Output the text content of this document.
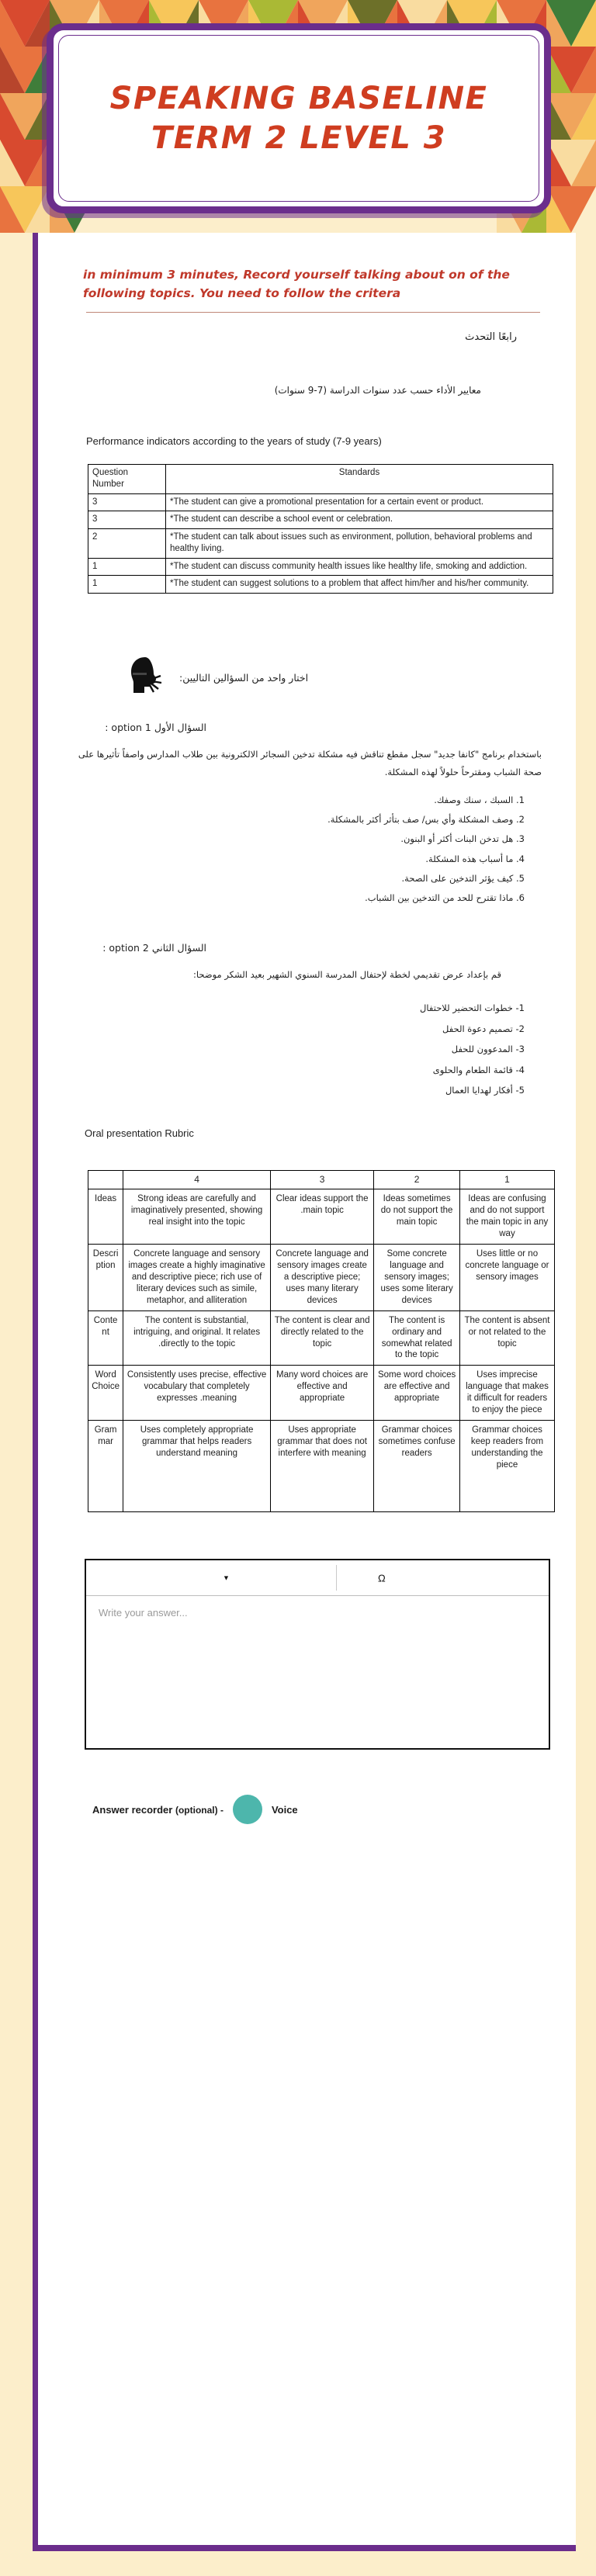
SPEAKING BASELINE
TERM 2 LEVEL 3
in minimum 3 minutes, Record yourself talking about on of the following topics. You need to follow the critera
رابعًا التحدث
معايير الأداء حسب عدد سنوات الدراسة (7-9 سنوات)
Performance indicators according to the years of study (7-9 years)
Question Number	Standards
3	*The student can give a promotional presentation for a certain event or product.
3	*The student can describe a school event or celebration.
2	*The student can talk about issues such as environment, pollution, behavioral problems and healthy living.
1	*The student can discuss community health issues like healthy life, smoking and addiction.
1	*The student can suggest solutions to a problem that affect him/her and his/her community.
اختار واحد من السؤالين التاليين:
السؤال الأول option 1 :
باستخدام برنامج "كانفا جديد" سجل مقطع تناقش فيه مشكلة تدخين السجائر الالكترونية بين طلاب المدارس واصفاً تأثيرها على صحة الشباب ومقترحاً حلولاً لهذه المشكلة.
1. السبك ، سنك وصفك.
2. وصف المشكلة وأي بس/ صف بتأثر أكثر بالمشكلة.
3. هل تدخن البنات أكثر أو البنون.
4. ما أسباب هذه المشكلة.
5. كيف يؤثر التدخين على الصحة.
6. ماذا تقترح للحد من التدخين بين الشباب.
السؤال الثاني option 2 :
قم بإعداد عرض تقديمي لخطة لإحتفال المدرسة السنوي الشهير بعيد الشكر موضحا:
1- خطوات التحضير للاحتفال
2- تصميم دعوة الحفل
3- المدعوون للحفل
4- قائمة الطعام والحلوى
5- أفكار لهدايا العمال
Oral presentation Rubric
	4	3	2	1
Ideas	Strong ideas are carefully and imaginatively presented, showing real insight into the topic	Clear ideas support the .main topic	Ideas sometimes do not support the main topic	Ideas are confusing and do not support the main topic in any way
Description	Concrete language and sensory images create a highly imaginative and descriptive piece; rich use of literary devices such as simile, metaphor, and alliteration	Concrete language and sensory images create a descriptive piece; uses many literary devices	Some concrete language and sensory images; uses some literary devices	Uses little or no concrete language or sensory images
Content	The content is substantial, intriguing, and original. It relates .directly to the topic	The content is clear and directly related to the topic	The content is ordinary and somewhat related to the topic	The content is absent or not related to the topic
Word Choice	Consistently uses precise, effective vocabulary that completely expresses .meaning	Many word choices are effective and appropriate	Some word choices are effective and appropriate	Uses imprecise language that makes it difficult for readers to enjoy the piece
Grammar	Uses completely appropriate grammar that helps readers understand meaning	Uses appropriate grammar that does not interfere with meaning	Grammar choices sometimes confuse readers	Grammar choices keep readers from understanding the piece
▼	Ω
Write your answer...
Answer recorder (optional) -	Voice
